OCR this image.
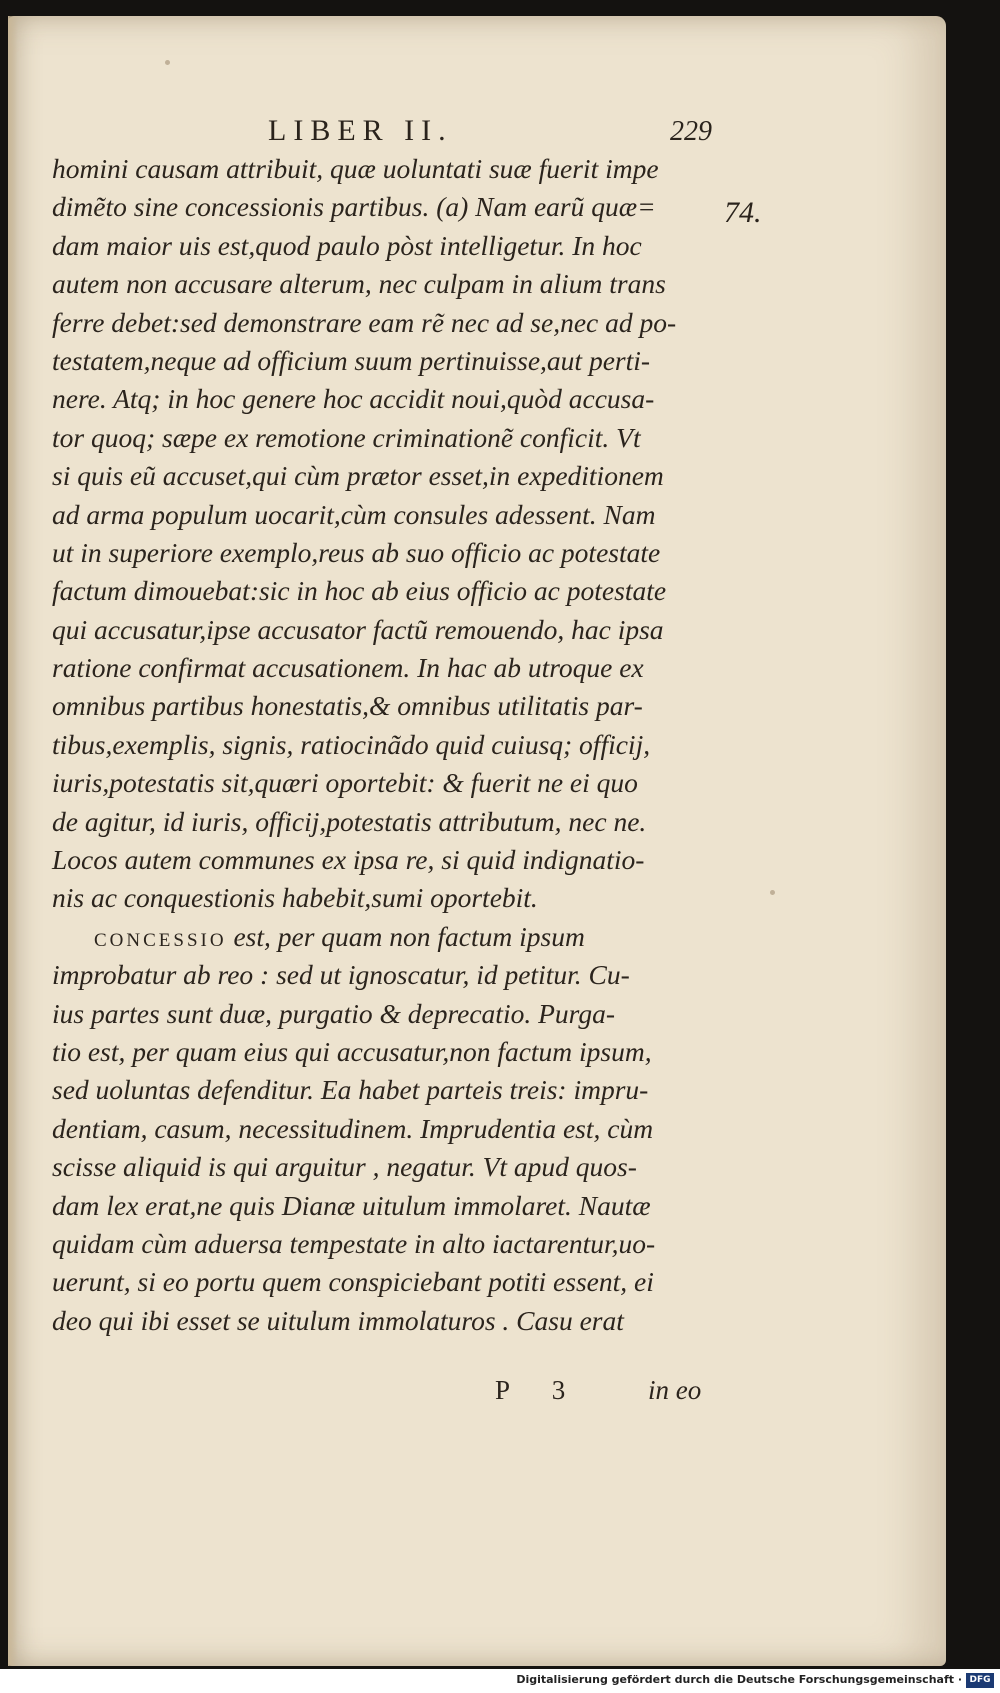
LIBER II.	229
74.
homini causam attribuit, quæ uoluntati suæ fuerit impe
dimẽto sine concessionis partibus. (a) Nam earũ quæ=
dam maior uis est,quod paulo pòst intelligetur. In hoc
autem non accusare alterum, nec culpam in alium trans
ferre debet:sed demonstrare eam rẽ nec ad se,nec ad po-
testatem,neque ad officium suum pertinuisse,aut perti-
nere. Atq; in hoc genere hoc accidit noui,quòd accusa-
tor quoq; sæpe ex remotione criminationẽ conficit. Vt
si quis eũ accuset,qui cùm prætor esset,in expeditionem
ad arma populum uocarit,cùm consules adessent. Nam
ut in superiore exemplo,reus ab suo officio ac potestate
factum dimouebat:sic in hoc ab eius officio ac potestate
qui accusatur,ipse accusator factũ remouendo, hac ipsa
ratione confirmat accusationem. In hac ab utroque ex
omnibus partibus honestatis,& omnibus utilitatis par-
tibus,exemplis, signis, ratiocinãdo quid cuiusq; officij,
iuris,potestatis sit,quæri oportebit: & fuerit ne ei quo
de agitur, id iuris, officij,potestatis attributum, nec ne.
Locos autem communes ex ipsa re, si quid indignatio-
nis ac conquestionis habebit,sumi oportebit.
CONCESSIO est, per quam non factum ipsum
improbatur ab reo : sed ut ignoscatur, id petitur. Cu-
ius partes sunt duæ, purgatio & deprecatio. Purga-
tio est, per quam eius qui accusatur,non factum ipsum,
sed uoluntas defenditur. Ea habet parteis treis: impru-
dentiam, casum, necessitudinem. Imprudentia est, cùm
scisse aliquid is qui arguitur , negatur. Vt apud quos-
dam lex erat,ne quis Dianæ uitulum immolaret. Nautæ
quidam cùm aduersa tempestate in alto iactarentur,uo-
uerunt, si eo portu quem conspiciebant potiti essent, ei
deo qui ibi esset se uitulum immolaturos . Casu erat
P 3 in eo
Digitalisierung gefördert durch die Deutsche Forschungsgemeinschaft · DFG
